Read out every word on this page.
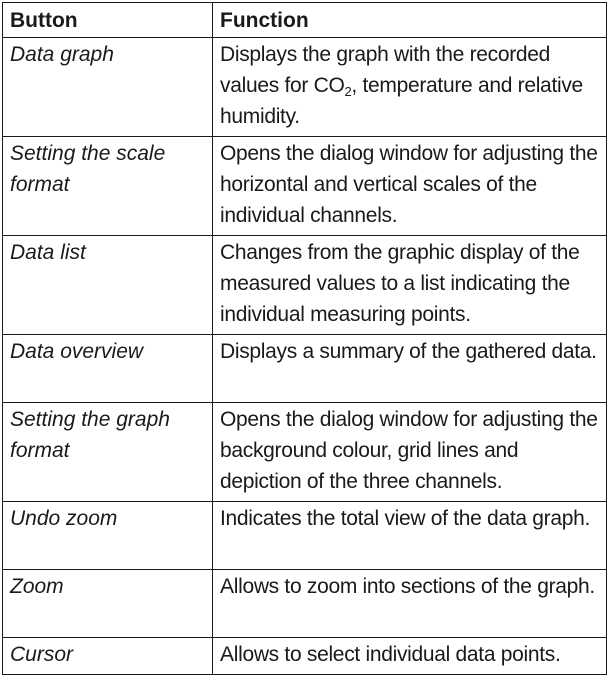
Button	Function
Data graph	Displays the graph with the recorded values for $CO_2$, temperature and relative humidity.
Setting the scale format	Opens the dialog window for adjusting the horizontal and vertical scales of the individual channels.
Data list	Changes from the graphic display of the measured values to a list indicating the individual measuring points.
Data overview	Displays a summary of the gathered data.
Setting the graph format	Opens the dialog window for adjusting the background colour, grid lines and depiction of the three channels.
Undo zoom	Indicates the total view of the data graph.
Zoom	Allows to zoom into sections of the graph.
Cursor	Allows to select individual data points.
